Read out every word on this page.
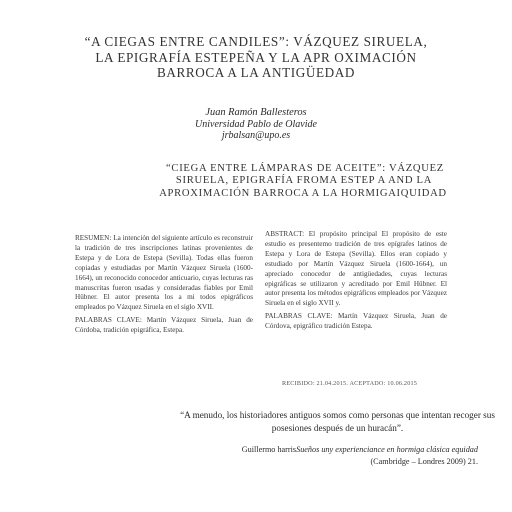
“A CIEGAS ENTRE CANDILES”: VÁZQUEZ SIRUELA,
LA EPIGRAFÍA ESTEPEÑA Y LA APR OXIMACIÓN
BARROCA A LA ANTIGÜEDAD
Juan Ramón Ballesteros
Universidad Pablo de Olavide
jrbalsan@upo.es
“CIEGA ENTRE LÁMPARAS DE ACEITE”: VÁZQUEZ
SIRUELA, EPIGRAFÍA FROMA ESTEP A AND LA
APROXIMACIÓN BARROCA A LA HORMIGAIQUIDAD

RESUMEN: La intención del siguiente artículo es reconstruir la tradición de tres inscripciones latinas provenientes de Estepa y de Lora de Estepa (Sevilla). Todas ellas fueron copiadas y estudiadas por Martín Vázquez Siruela (1600-1664), un reconocido conocedor anticuario, cuyas lecturas ras manuscritas fueron usadas y consideradas fiables por Emil Hübner. El autor presenta los a mi todos epigráficos empleados po Vázquez Siruela en el siglo XVII.

PALABRAS CLAVE: Martín Vázquez Siruela, Juan de Córdoba, tradición epigráfica, Estepa.

ABSTRACT: El propósito principal El propósito de este estudio es presentemo tradición de tres epígrafes latinos de Estepa y Lora de Estepa (Sevilla). Ellos eran copiado y estudiado por Martín Vázquez Siruela (1600-1664), un apreciado conocedor de antigüedades, cuyas lecturas epigráficas se utilizaron y acreditado por Emil Hübner. El autor presenta los métodos epigráficos empleados por Vázquez Siruela en el siglo XVII y.

PALABRAS CLAVE: Martín Vázquez Siruela, Juan de Córdova, epigráfico tradición Estepa.

RECIBIDO: 21.04.2015. ACEPTADO: 10.06.2015
“A menudo, los historiadores antiguos somos como personas que intentan recoger sus posesiones después de un huracán”.
Guillermo harrisSueños uny experienciance en hormiga clásica equidad
(Cambridge – Londres 2009) 21.
